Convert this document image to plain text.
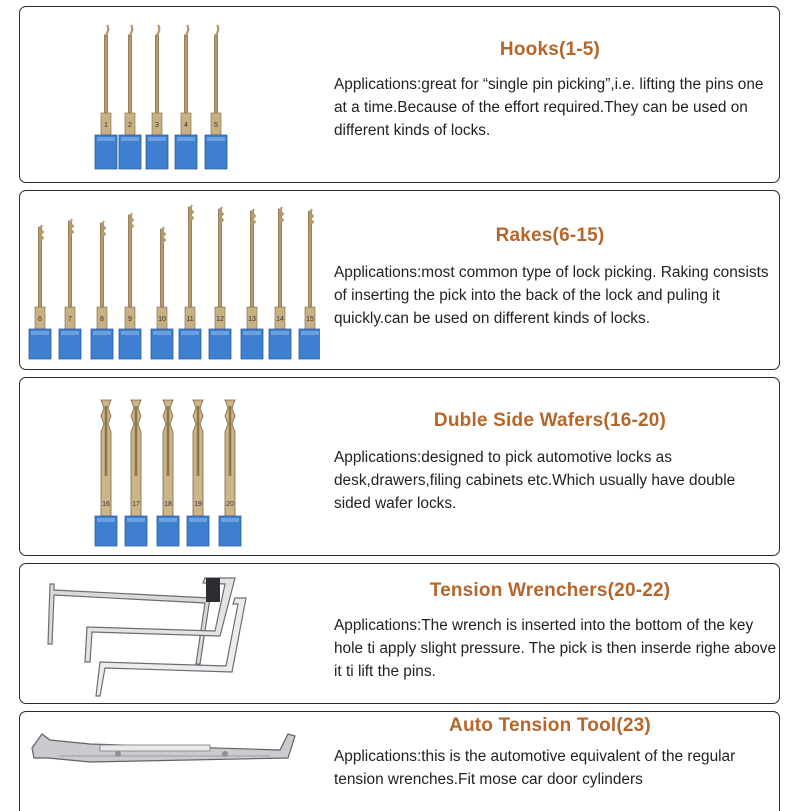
1	2	3	4	5
Hooks(1-5)
Applications:great for “single pin picking”,i.e. lifting the pins one at a time.Because of the effort required.They can be used on different kinds of locks.
6	7	8	9	10	11	12	13	14	15
Rakes(6-15)
Applications:most common type of lock picking. Raking consists of inserting the pick into the back of the lock and puling it quickly.can be used on different kinds of locks.
16	17	18	19	20
Duble Side Wafers(16-20)
Applications:designed to pick automotive locks as desk,drawers,filing cabinets etc.Which usually have double sided wafer locks.
Tension Wrenchers(20-22)
Applications:The wrench is inserted into the bottom of the key hole ti apply slight pressure. The pick is then inserde righe above it ti lift the pins.
Auto Tension Tool(23)
Applications:this is the automotive equivalent of the regular tension wrenches.Fit mose car door cylinders
